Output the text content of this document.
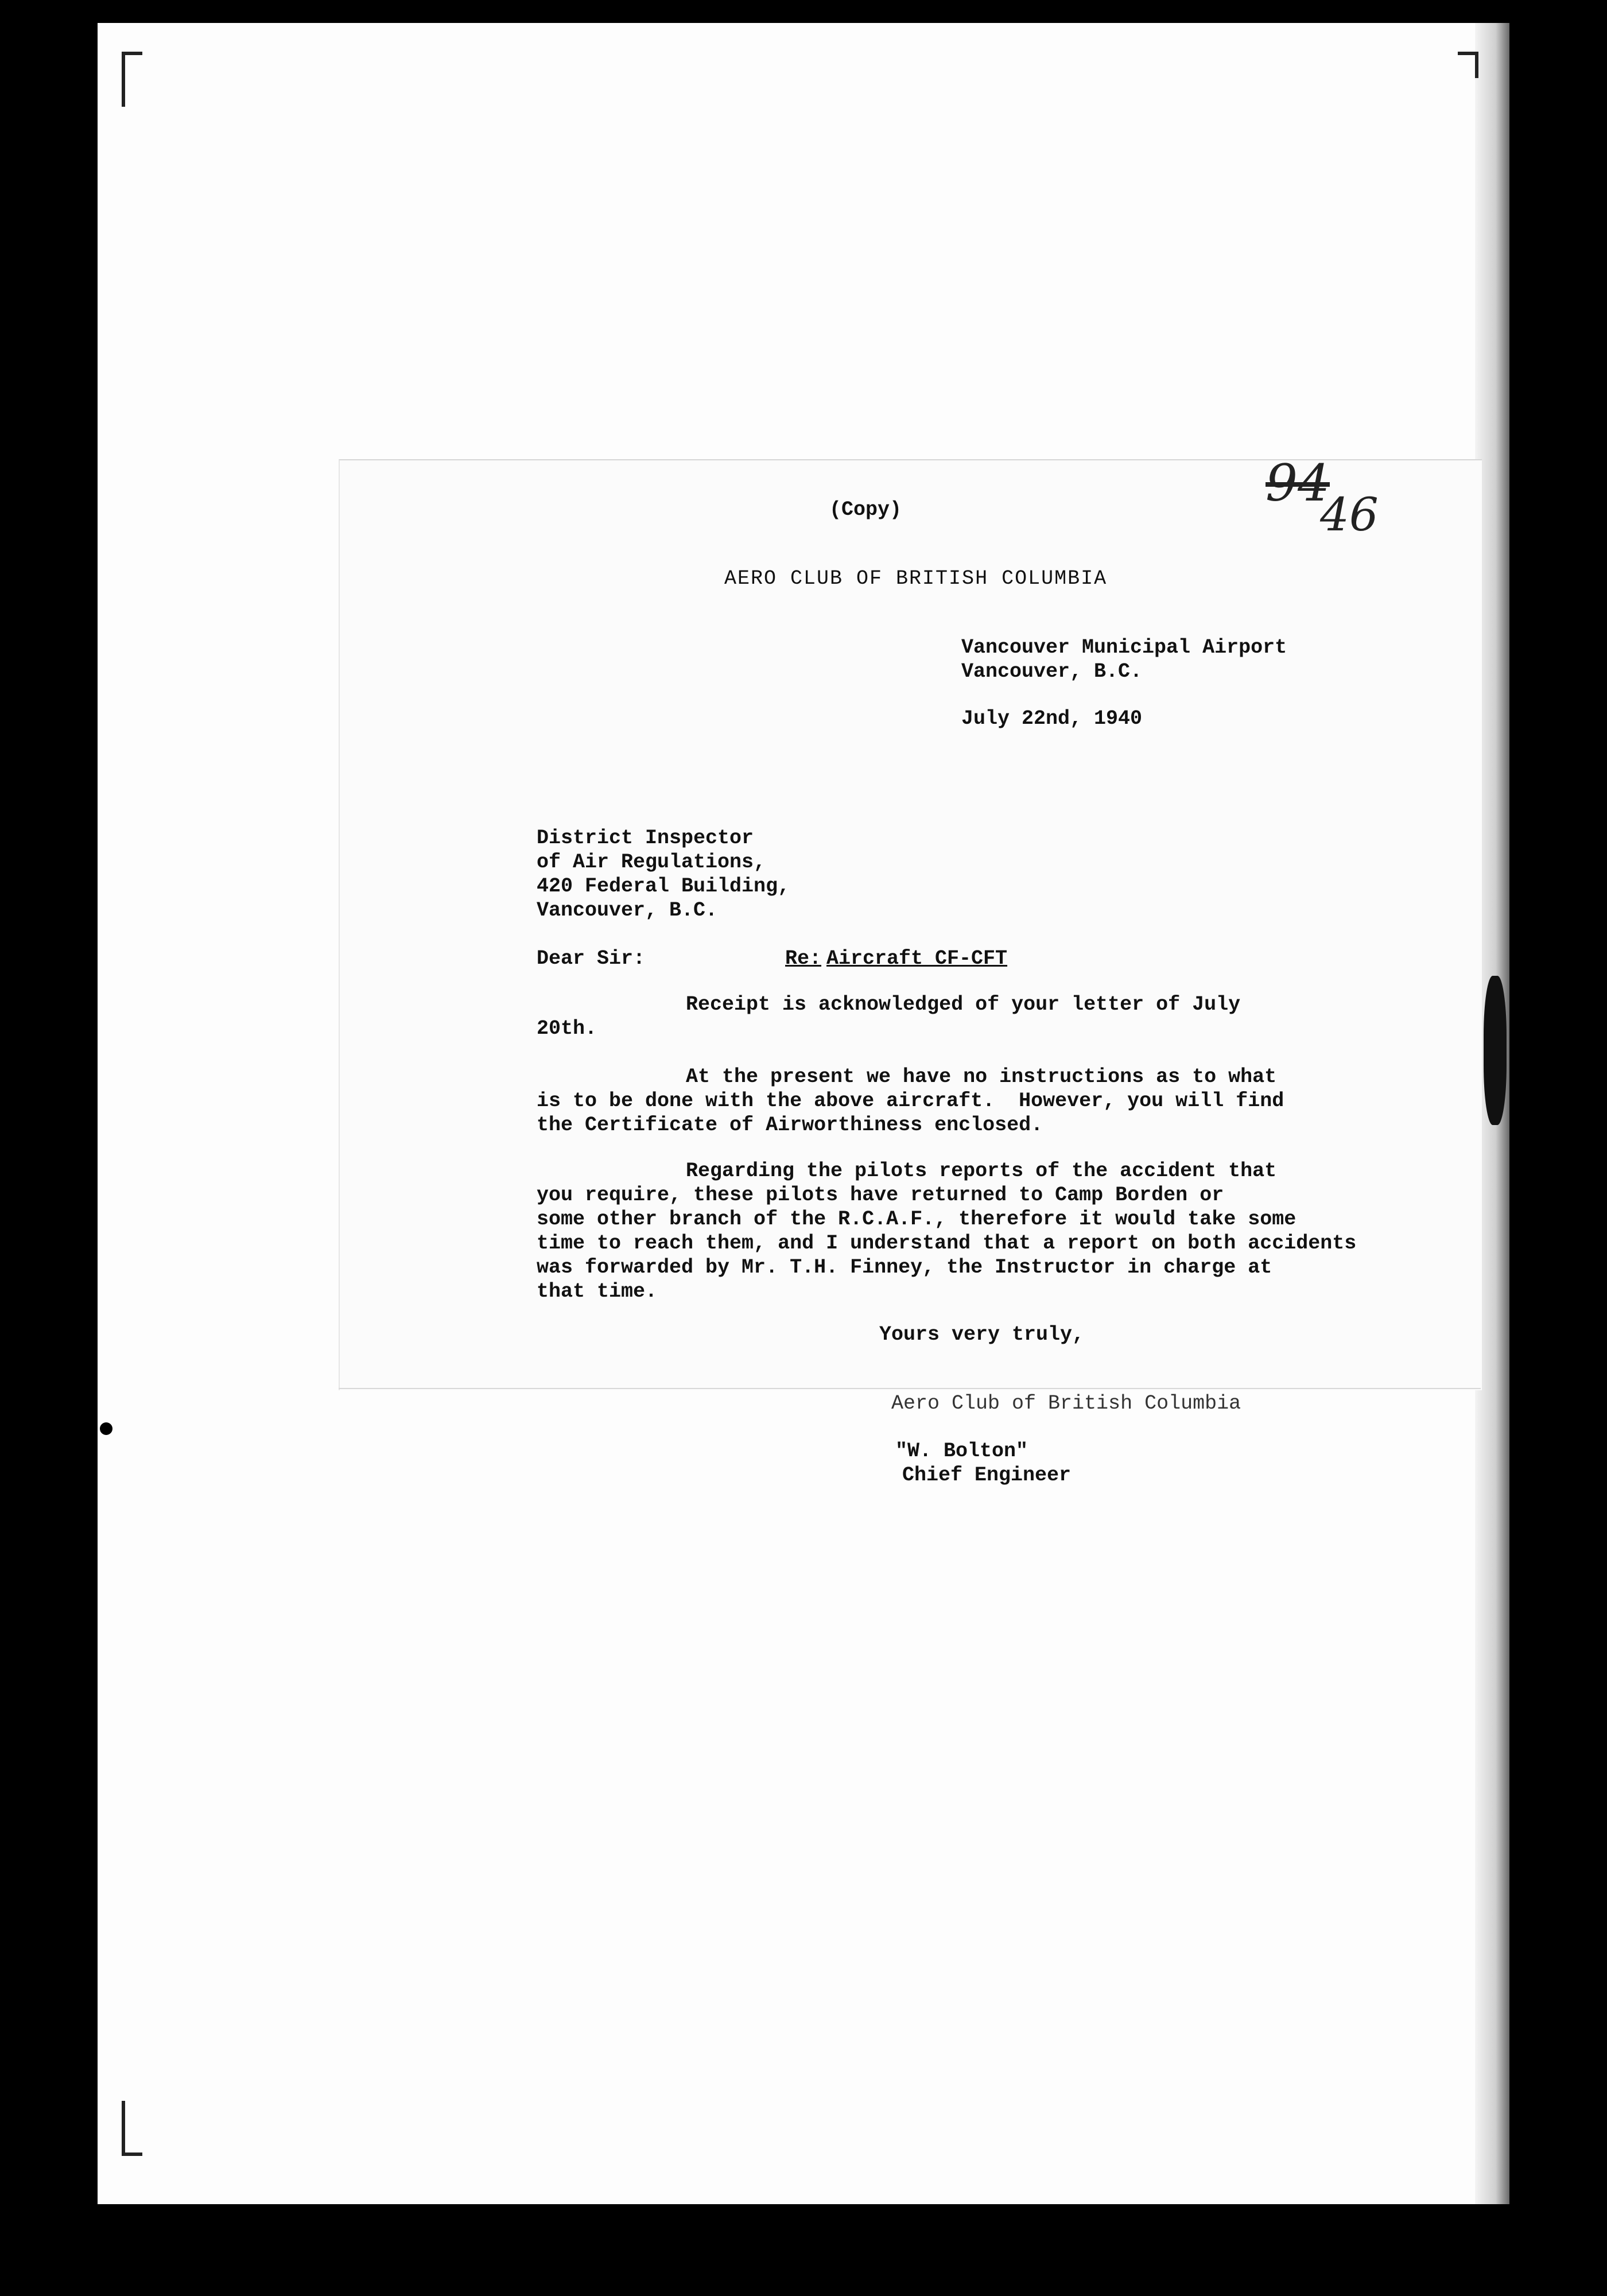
94
46
(Copy)
AERO CLUB OF BRITISH COLUMBIA
Vancouver Municipal Airport
Vancouver, B.C.
July 22nd, 1940
District Inspector
of Air Regulations,
420 Federal Building,
Vancouver, B.C.
Dear Sir:	Re: Aircraft CF-CFT
Receipt is acknowledged of your letter of July
20th.
At the present we have no instructions as to what
is to be done with the above aircraft.  However, you will find
the Certificate of Airworthiness enclosed.
Regarding the pilots reports of the accident that
you require, these pilots have returned to Camp Borden or
some other branch of the R.C.A.F., therefore it would take some
time to reach them, and I understand that a report on both accidents
was forwarded by Mr. T.H. Finney, the Instructor in charge at
that time.
Yours very truly,
Aero Club of British Columbia
"W. Bolton"
Chief Engineer
